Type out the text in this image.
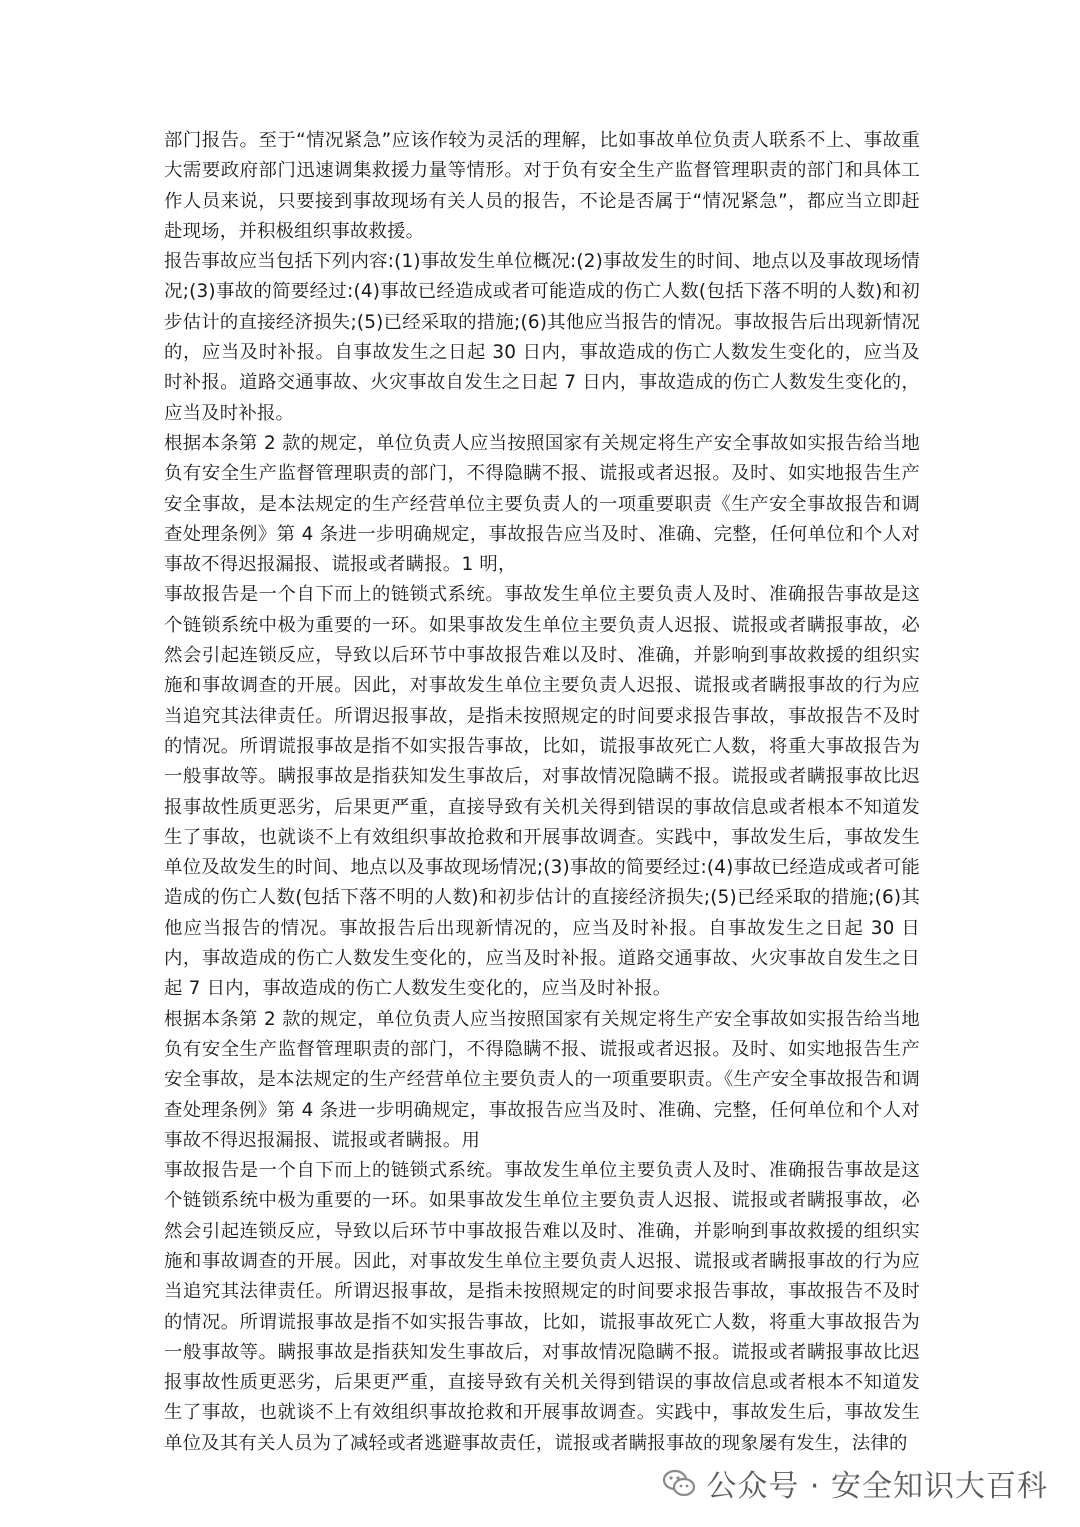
部门报告。至于“情况紧急”应该作较为灵活的理解，比如事故单位负责人联系不上、事故重大需要政府部门迅速调集救援力量等情形。对于负有安全生产监督管理职责的部门和具体工作人员来说，只要接到事故现场有关人员的报告，不论是否属于“情况紧急”，都应当立即赶赴现场，并积极组织事故救援。

报告事故应当包括下列内容:(1)事故发生单位概况:(2)事故发生的时间、地点以及事故现场情况;(3)事故的简要经过:(4)事故已经造成或者可能造成的伤亡人数(包括下落不明的人数)和初步估计的直接经济损失;(5)已经采取的措施;(6)其他应当报告的情况。事故报告后出现新情况的，应当及时补报。自事故发生之日起 30 日内，事故造成的伤亡人数发生变化的，应当及时补报。道路交通事故、火灾事故自发生之日起 7 日内，事故造成的伤亡人数发生变化的，应当及时补报。

根据本条第 2 款的规定，单位负责人应当按照国家有关规定将生产安全事故如实报告给当地负有安全生产监督管理职责的部门，不得隐瞒不报、谎报或者迟报。及时、如实地报告生产安全事故，是本法规定的生产经营单位主要负责人的一项重要职责《生产安全事故报告和调查处理条例》第 4 条进一步明确规定，事故报告应当及时、准确、完整，任何单位和个人对事故不得迟报漏报、谎报或者瞒报。1 明，

事故报告是一个自下而上的链锁式系统。事故发生单位主要负责人及时、准确报告事故是这个链锁系统中极为重要的一环。如果事故发生单位主要负责人迟报、谎报或者瞒报事故，必然会引起连锁反应，导致以后环节中事故报告难以及时、准确，并影响到事故救援的组织实施和事故调查的开展。因此，对事故发生单位主要负责人迟报、谎报或者瞒报事故的行为应当追究其法律责任。所谓迟报事故，是指未按照规定的时间要求报告事故，事故报告不及时的情况。所谓谎报事故是指不如实报告事故，比如，谎报事故死亡人数，将重大事故报告为一般事故等。瞒报事故是指获知发生事故后，对事故情况隐瞒不报。谎报或者瞒报事故比迟报事故性质更恶劣，后果更严重，直接导致有关机关得到错误的事故信息或者根本不知道发生了事故，也就谈不上有效组织事故抢救和开展事故调查。实践中，事故发生后，事故发生单位及故发生的时间、地点以及事故现场情况;(3)事故的简要经过:(4)事故已经造成或者可能造成的伤亡人数(包括下落不明的人数)和初步估计的直接经济损失;(5)已经采取的措施;(6)其他应当报告的情况。事故报告后出现新情况的，应当及时补报。自事故发生之日起 30 日内，事故造成的伤亡人数发生变化的，应当及时补报。道路交通事故、火灾事故自发生之日起 7 日内，事故造成的伤亡人数发生变化的，应当及时补报。

根据本条第 2 款的规定，单位负责人应当按照国家有关规定将生产安全事故如实报告给当地负有安全生产监督管理职责的部门，不得隐瞒不报、谎报或者迟报。及时、如实地报告生产安全事故，是本法规定的生产经营单位主要负责人的一项重要职责。《生产安全事故报告和调查处理条例》第 4 条进一步明确规定，事故报告应当及时、准确、完整，任何单位和个人对事故不得迟报漏报、谎报或者瞒报。用

事故报告是一个自下而上的链锁式系统。事故发生单位主要负责人及时、准确报告事故是这个链锁系统中极为重要的一环。如果事故发生单位主要负责人迟报、谎报或者瞒报事故，必然会引起连锁反应，导致以后环节中事故报告难以及时、准确，并影响到事故救援的组织实施和事故调查的开展。因此，对事故发生单位主要负责人迟报、谎报或者瞒报事故的行为应当追究其法律责任。所谓迟报事故，是指未按照规定的时间要求报告事故，事故报告不及时的情况。所谓谎报事故是指不如实报告事故，比如，谎报事故死亡人数，将重大事故报告为一般事故等。瞒报事故是指获知发生事故后，对事故情况隐瞒不报。谎报或者瞒报事故比迟报事故性质更恶劣，后果更严重，直接导致有关机关得到错误的事故信息或者根本不知道发生了事故，也就谈不上有效组织事故抢救和开展事故调查。实践中，事故发生后，事故发生单位及其有关人员为了减轻或者逃避事故责任，谎报或者瞒报事故的现象屡有发生，法律的

公众号 · 安全知识大百科
